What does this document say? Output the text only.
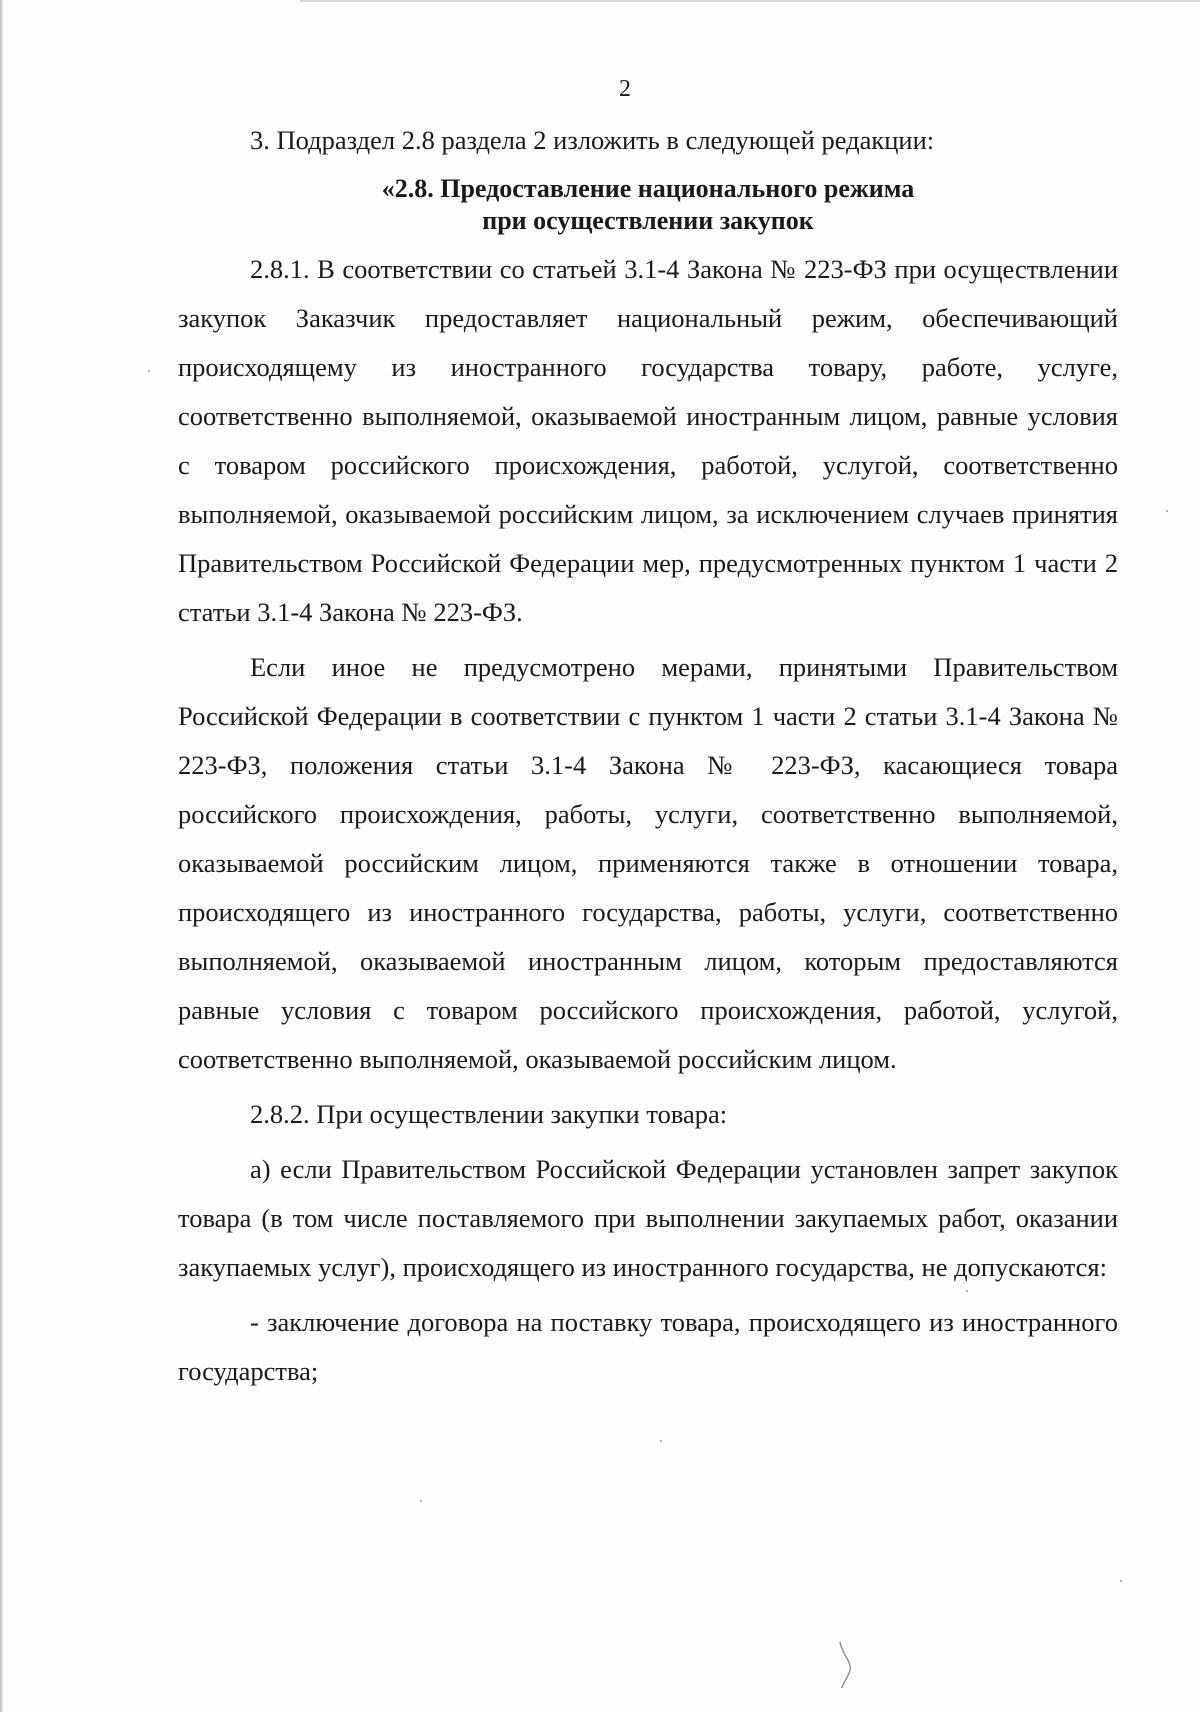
2

3. Подраздел 2.8 раздела 2 изложить в следующей редакции:

«2.8. Предоставление национального режима
при осуществлении закупок

2.8.1. В соответствии со статьей 3.1-4 Закона № 223-ФЗ при осуществлении закупок Заказчик предоставляет национальный режим, обеспечивающий происходящему из иностранного государства товару, работе, услуге, соответственно выполняемой, оказываемой иностранным лицом, равные условия с товаром российского происхождения, работой, услугой, соответственно выполняемой, оказываемой российским лицом, за исключением случаев принятия Правительством Российской Федерации мер, предусмотренных пунктом 1 части 2 статьи 3.1-4 Закона № 223-ФЗ.

Если иное не предусмотрено мерами, принятыми Правительством Российской Федерации в соответствии с пунктом 1 части 2 статьи 3.1-4 Закона № 223-ФЗ, положения статьи 3.1-4 Закона № 223-ФЗ, касающиеся товара российского происхождения, работы, услуги, соответственно выполняемой, оказываемой российским лицом, применяются также в отношении товара, происходящего из иностранного государства, работы, услуги, соответственно выполняемой, оказываемой иностранным лицом, которым предоставляются равные условия с товаром российского происхождения, работой, услугой, соответственно выполняемой, оказываемой российским лицом.

2.8.2. При осуществлении закупки товара:

а) если Правительством Российской Федерации установлен запрет закупок товара (в том числе поставляемого при выполнении закупаемых работ, оказании закупаемых услуг), происходящего из иностранного государства, не допускаются:

- заключение договора на поставку товара, происходящего из иностранного государства;
